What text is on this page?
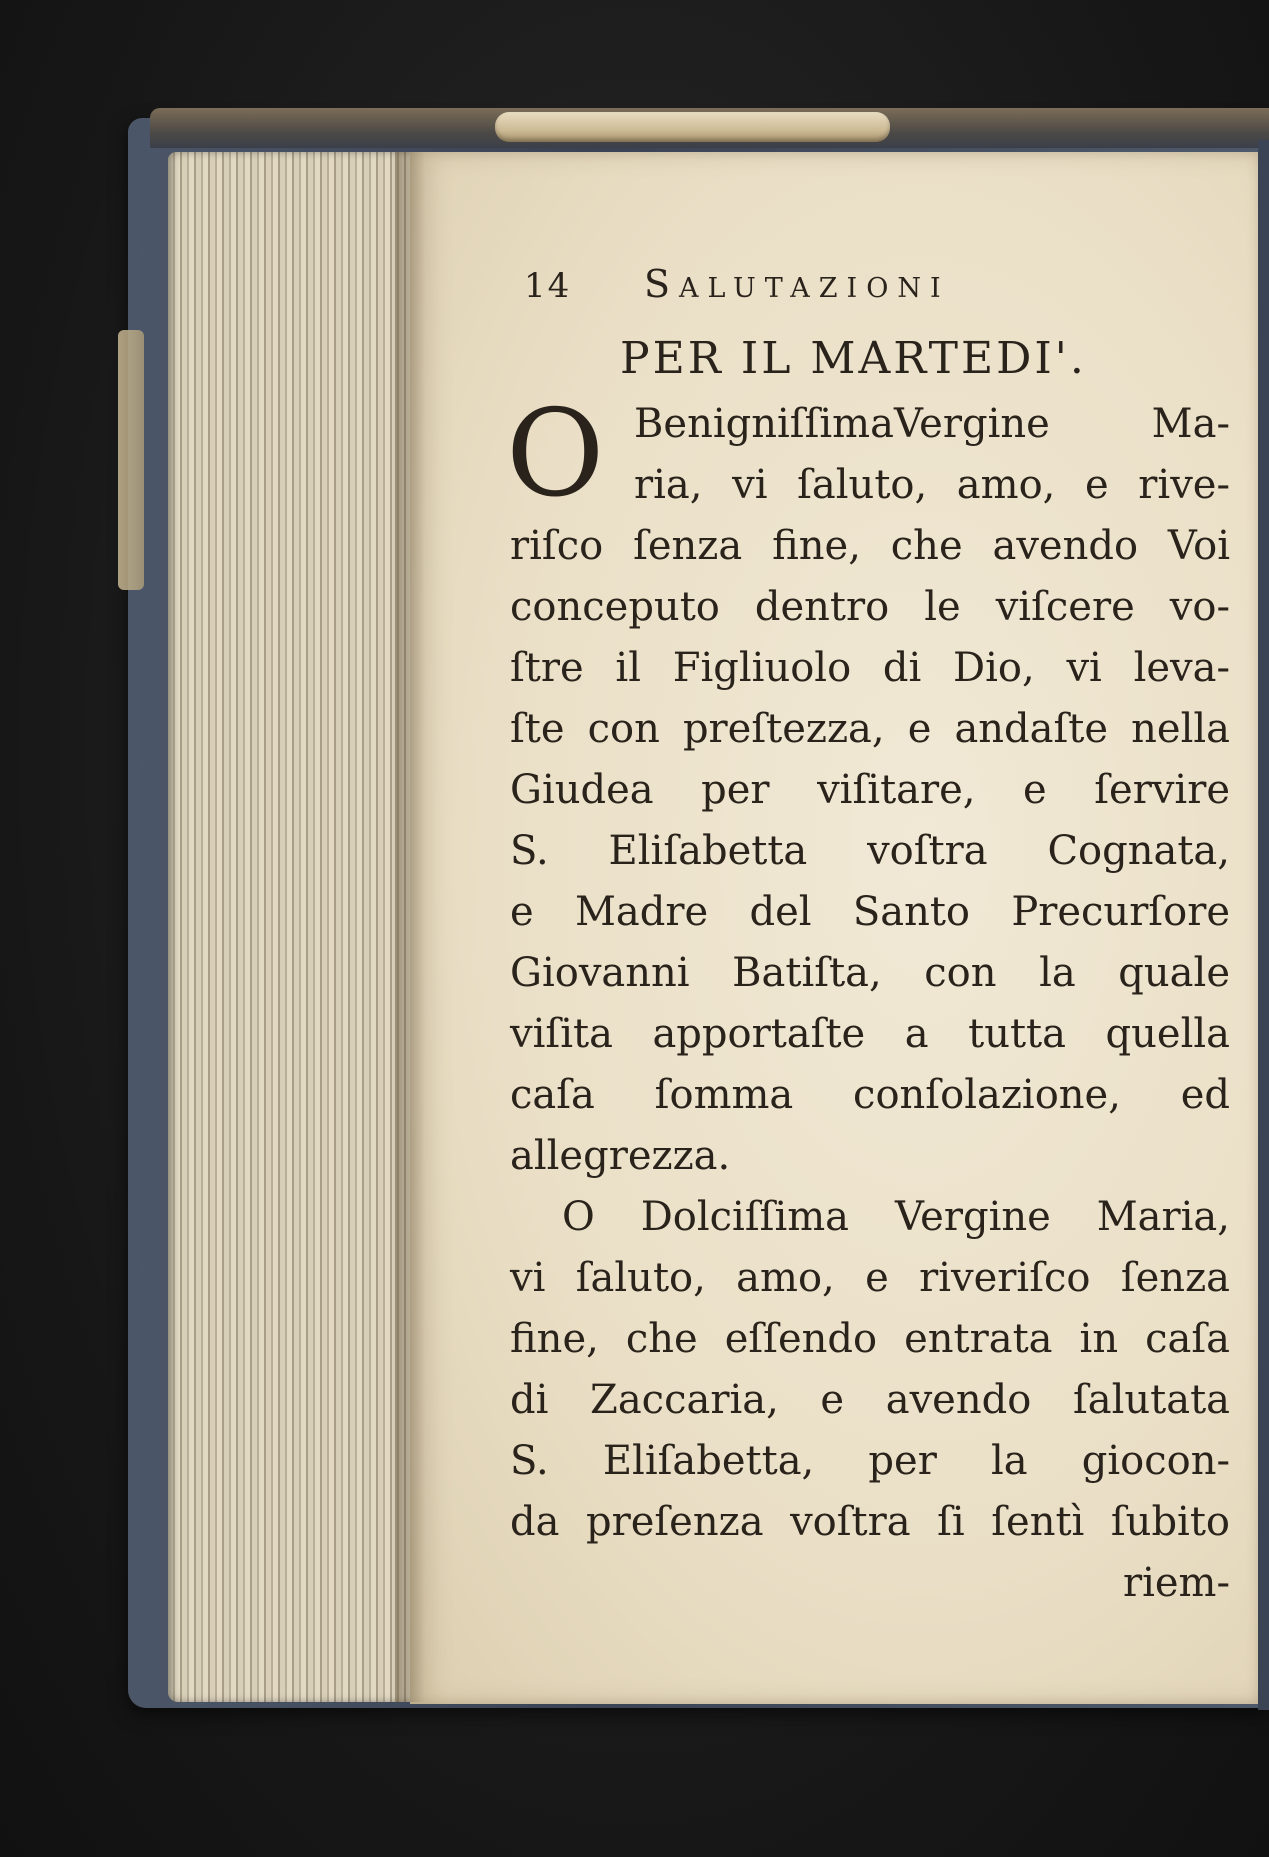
14	Salutazioni
PER IL MARTEDI'.
O BenigniſſimaVergine Ma-
ria, vi ſaluto, amo, e rive-
riſco ſenza fine, che avendo Voi
conceputo dentro le viſcere vo-
ſtre il Figliuolo di Dio, vi leva-
ſte con preſtezza, e andaſte nella
Giudea per viſitare, e ſervire
S. Eliſabetta voſtra Cognata,
e Madre del Santo Precurſore
Giovanni Batiſta, con la quale
viſita apportaſte a tutta quella
caſa ſomma conſolazione, ed
allegrezza.
O Dolciſſima Vergine Maria,
vi ſaluto, amo, e riveriſco ſenza
fine, che eſſendo entrata in caſa
di Zaccaria, e avendo ſalutata
S. Eliſabetta, per la giocon-
da preſenza voſtra ſi ſentì ſubito
riem-
